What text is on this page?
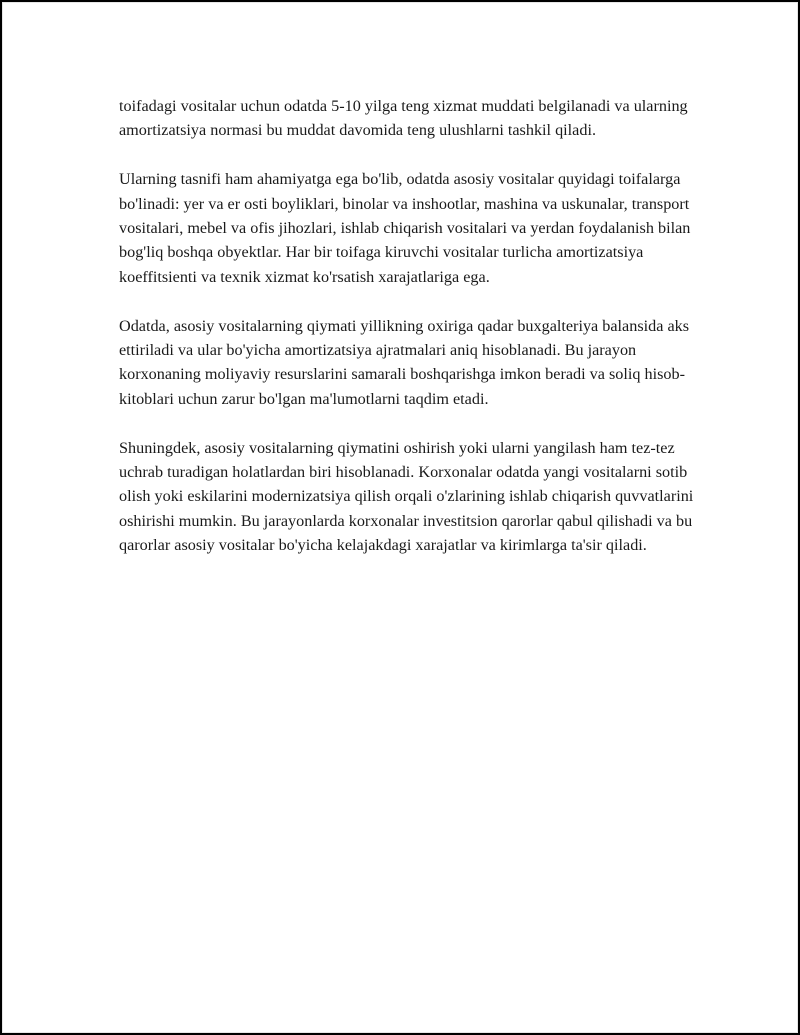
toifadagi vositalar uchun odatda 5-10 yilga teng xizmat muddati belgilanadi va ularning amortizatsiya normasi bu muddat davomida teng ulushlarni tashkil qiladi.

Ularning tasnifi ham ahamiyatga ega bo'lib, odatda asosiy vositalar quyidagi toifalarga bo'linadi: yer va er osti boyliklari, binolar va inshootlar, mashina va uskunalar, transport vositalari, mebel va ofis jihozlari, ishlab chiqarish vositalari va yerdan foydalanish bilan bog'liq boshqa obyektlar. Har bir toifaga kiruvchi vositalar turlicha amortizatsiya koeffitsienti va texnik xizmat ko'rsatish xarajatlariga ega.

Odatda, asosiy vositalarning qiymati yillikning oxiriga qadar buxgalteriya balansida aks ettiriladi va ular bo'yicha amortizatsiya ajratmalari aniq hisoblanadi. Bu jarayon korxonaning moliyaviy resurslarini samarali boshqarishga imkon beradi va soliq hisob-kitoblari uchun zarur bo'lgan ma'lumotlarni taqdim etadi.

Shuningdek, asosiy vositalarning qiymatini oshirish yoki ularni yangilash ham tez-tez uchrab turadigan holatlardan biri hisoblanadi. Korxonalar odatda yangi vositalarni sotib olish yoki eskilarini modernizatsiya qilish orqali o'zlarining ishlab chiqarish quvvatlarini oshirishi mumkin. Bu jarayonlarda korxonalar investitsion qarorlar qabul qilishadi va bu qarorlar asosiy vositalar bo'yicha kelajakdagi xarajatlar va kirimlarga ta'sir qiladi.
